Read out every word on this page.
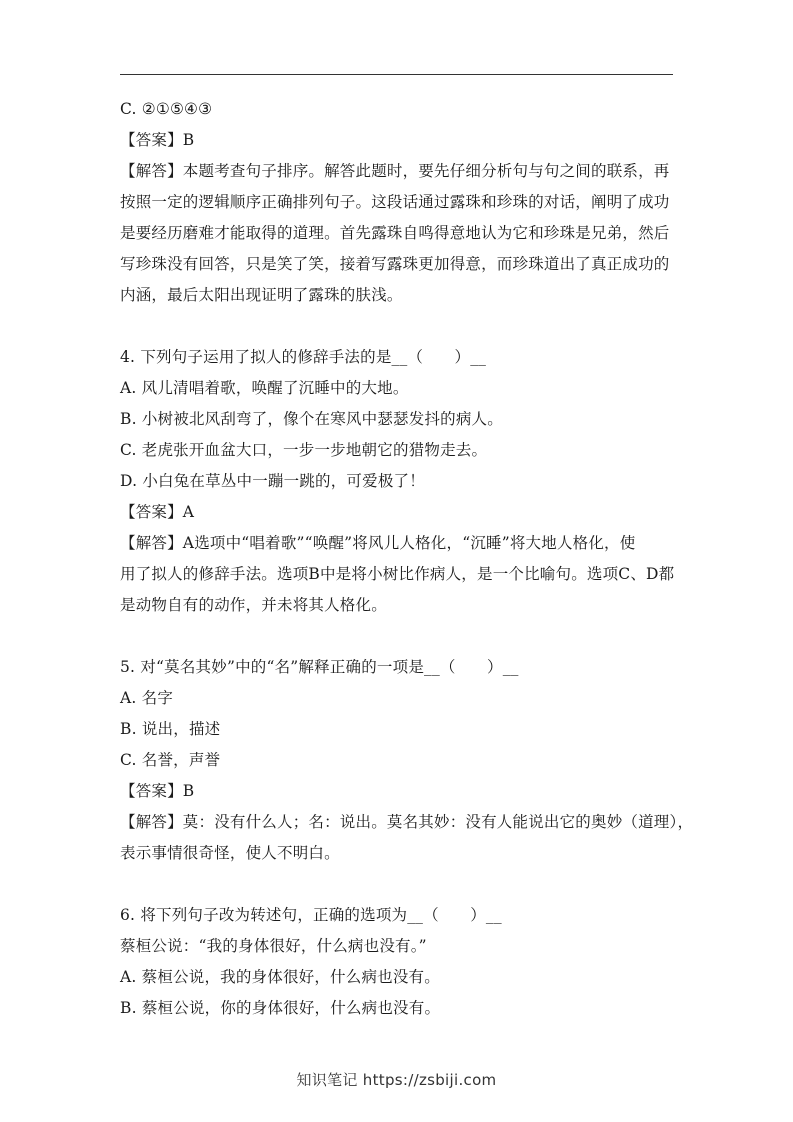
C. ②①⑤④③
【答案】B
【解答】本题考查句子排序。解答此题时，要先仔细分析句与句之间的联系，再
按照一定的逻辑顺序正确排列句子。这段话通过露珠和珍珠的对话，阐明了成功
是要经历磨难才能取得的道理。首先露珠自鸣得意地认为它和珍珠是兄弟，然后
写珍珠没有回答，只是笑了笑，接着写露珠更加得意，而珍珠道出了真正成功的
内涵，最后太阳出现证明了露珠的肤浅。
4. 下列句子运用了拟人的修辞手法的是__（　　）__
A. 风儿清唱着歌，唤醒了沉睡中的大地。
B. 小树被北风刮弯了，像个在寒风中瑟瑟发抖的病人。
C. 老虎张开血盆大口，一步一步地朝它的猎物走去。
D. 小白兔在草丛中一蹦一跳的，可爱极了！
【答案】A
【解答】A选项中“唱着歌”“唤醒”将风儿人格化，“沉睡”将大地人格化，使
用了拟人的修辞手法。选项B中是将小树比作病人，是一个比喻句。选项C、D都
是动物自有的动作，并未将其人格化。
5. 对“莫名其妙”中的“名”解释正确的一项是__（　　）__
A. 名字
B. 说出，描述
C. 名誉，声誉
【答案】B
【解答】莫：没有什么人；名：说出。莫名其妙：没有人能说出它的奥妙（道理），
表示事情很奇怪，使人不明白。
6. 将下列句子改为转述句，正确的选项为__（　　）__
蔡桓公说：“我的身体很好，什么病也没有。”
A. 蔡桓公说，我的身体很好，什么病也没有。
B. 蔡桓公说，你的身体很好，什么病也没有。
知识笔记 https://zsbiji.com
